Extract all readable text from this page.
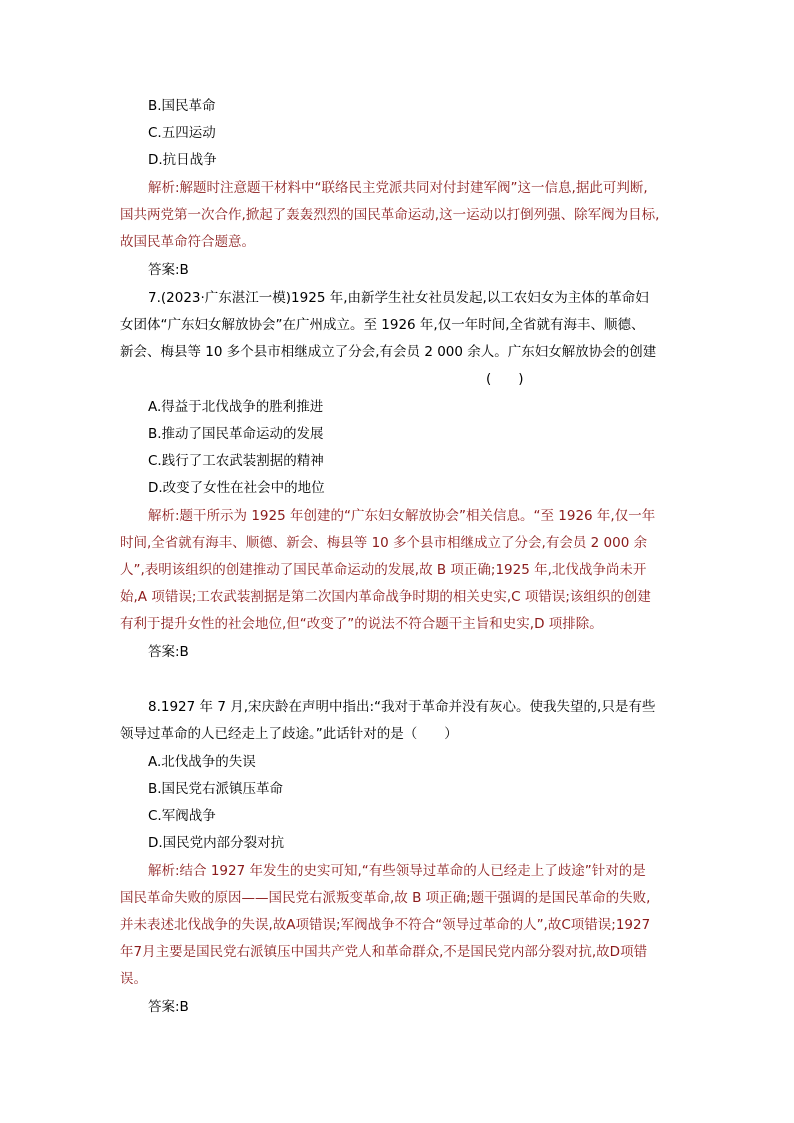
B.国民革命
C.五四运动
D.抗日战争
解析:解题时注意题干材料中“联络民主党派共同对付封建军阀”这一信息,据此可判断,
国共两党第一次合作,掀起了轰轰烈烈的国民革命运动,这一运动以打倒列强、除军阀为目标,
故国民革命符合题意。
答案:B
7.(2023·广东湛江一模)1925 年,由新学生社女社员发起,以工农妇女为主体的革命妇
女团体“广东妇女解放协会”在广州成立。至 1926 年,仅一年时间,全省就有海丰、顺德、
新会、梅县等 10 多个县市相继成立了分会,有会员 2 000 余人。广东妇女解放协会的创建
(　　)
A.得益于北伐战争的胜利推进
B.推动了国民革命运动的发展
C.践行了工农武装割据的精神
D.改变了女性在社会中的地位
解析:题干所示为 1925 年创建的“广东妇女解放协会”相关信息。“至 1926 年,仅一年
时间,全省就有海丰、顺德、新会、梅县等 10 多个县市相继成立了分会,有会员 2 000 余
人”,表明该组织的创建推动了国民革命运动的发展,故 B 项正确;1925 年,北伐战争尚未开
始,A 项错误;工农武装割据是第二次国内革命战争时期的相关史实,C 项错误;该组织的创建
有利于提升女性的社会地位,但“改变了”的说法不符合题干主旨和史实,D 项排除。
答案:B
8.1927 年 7 月,宋庆龄在声明中指出:“我对于革命并没有灰心。使我失望的,只是有些
领导过革命的人已经走上了歧途。”此话针对的是（　　）
A.北伐战争的失误
B.国民党右派镇压革命
C.军阀战争
D.国民党内部分裂对抗
解析:结合 1927 年发生的史实可知,“有些领导过革命的人已经走上了歧途”针对的是
国民革命失败的原因——国民党右派叛变革命,故 B 项正确;题干强调的是国民革命的失败,
并未表述北伐战争的失误,故A项错误;军阀战争不符合“领导过革命的人”,故C项错误;1927
年7月主要是国民党右派镇压中国共产党人和革命群众,不是国民党内部分裂对抗,故D项错
误。
答案:B
